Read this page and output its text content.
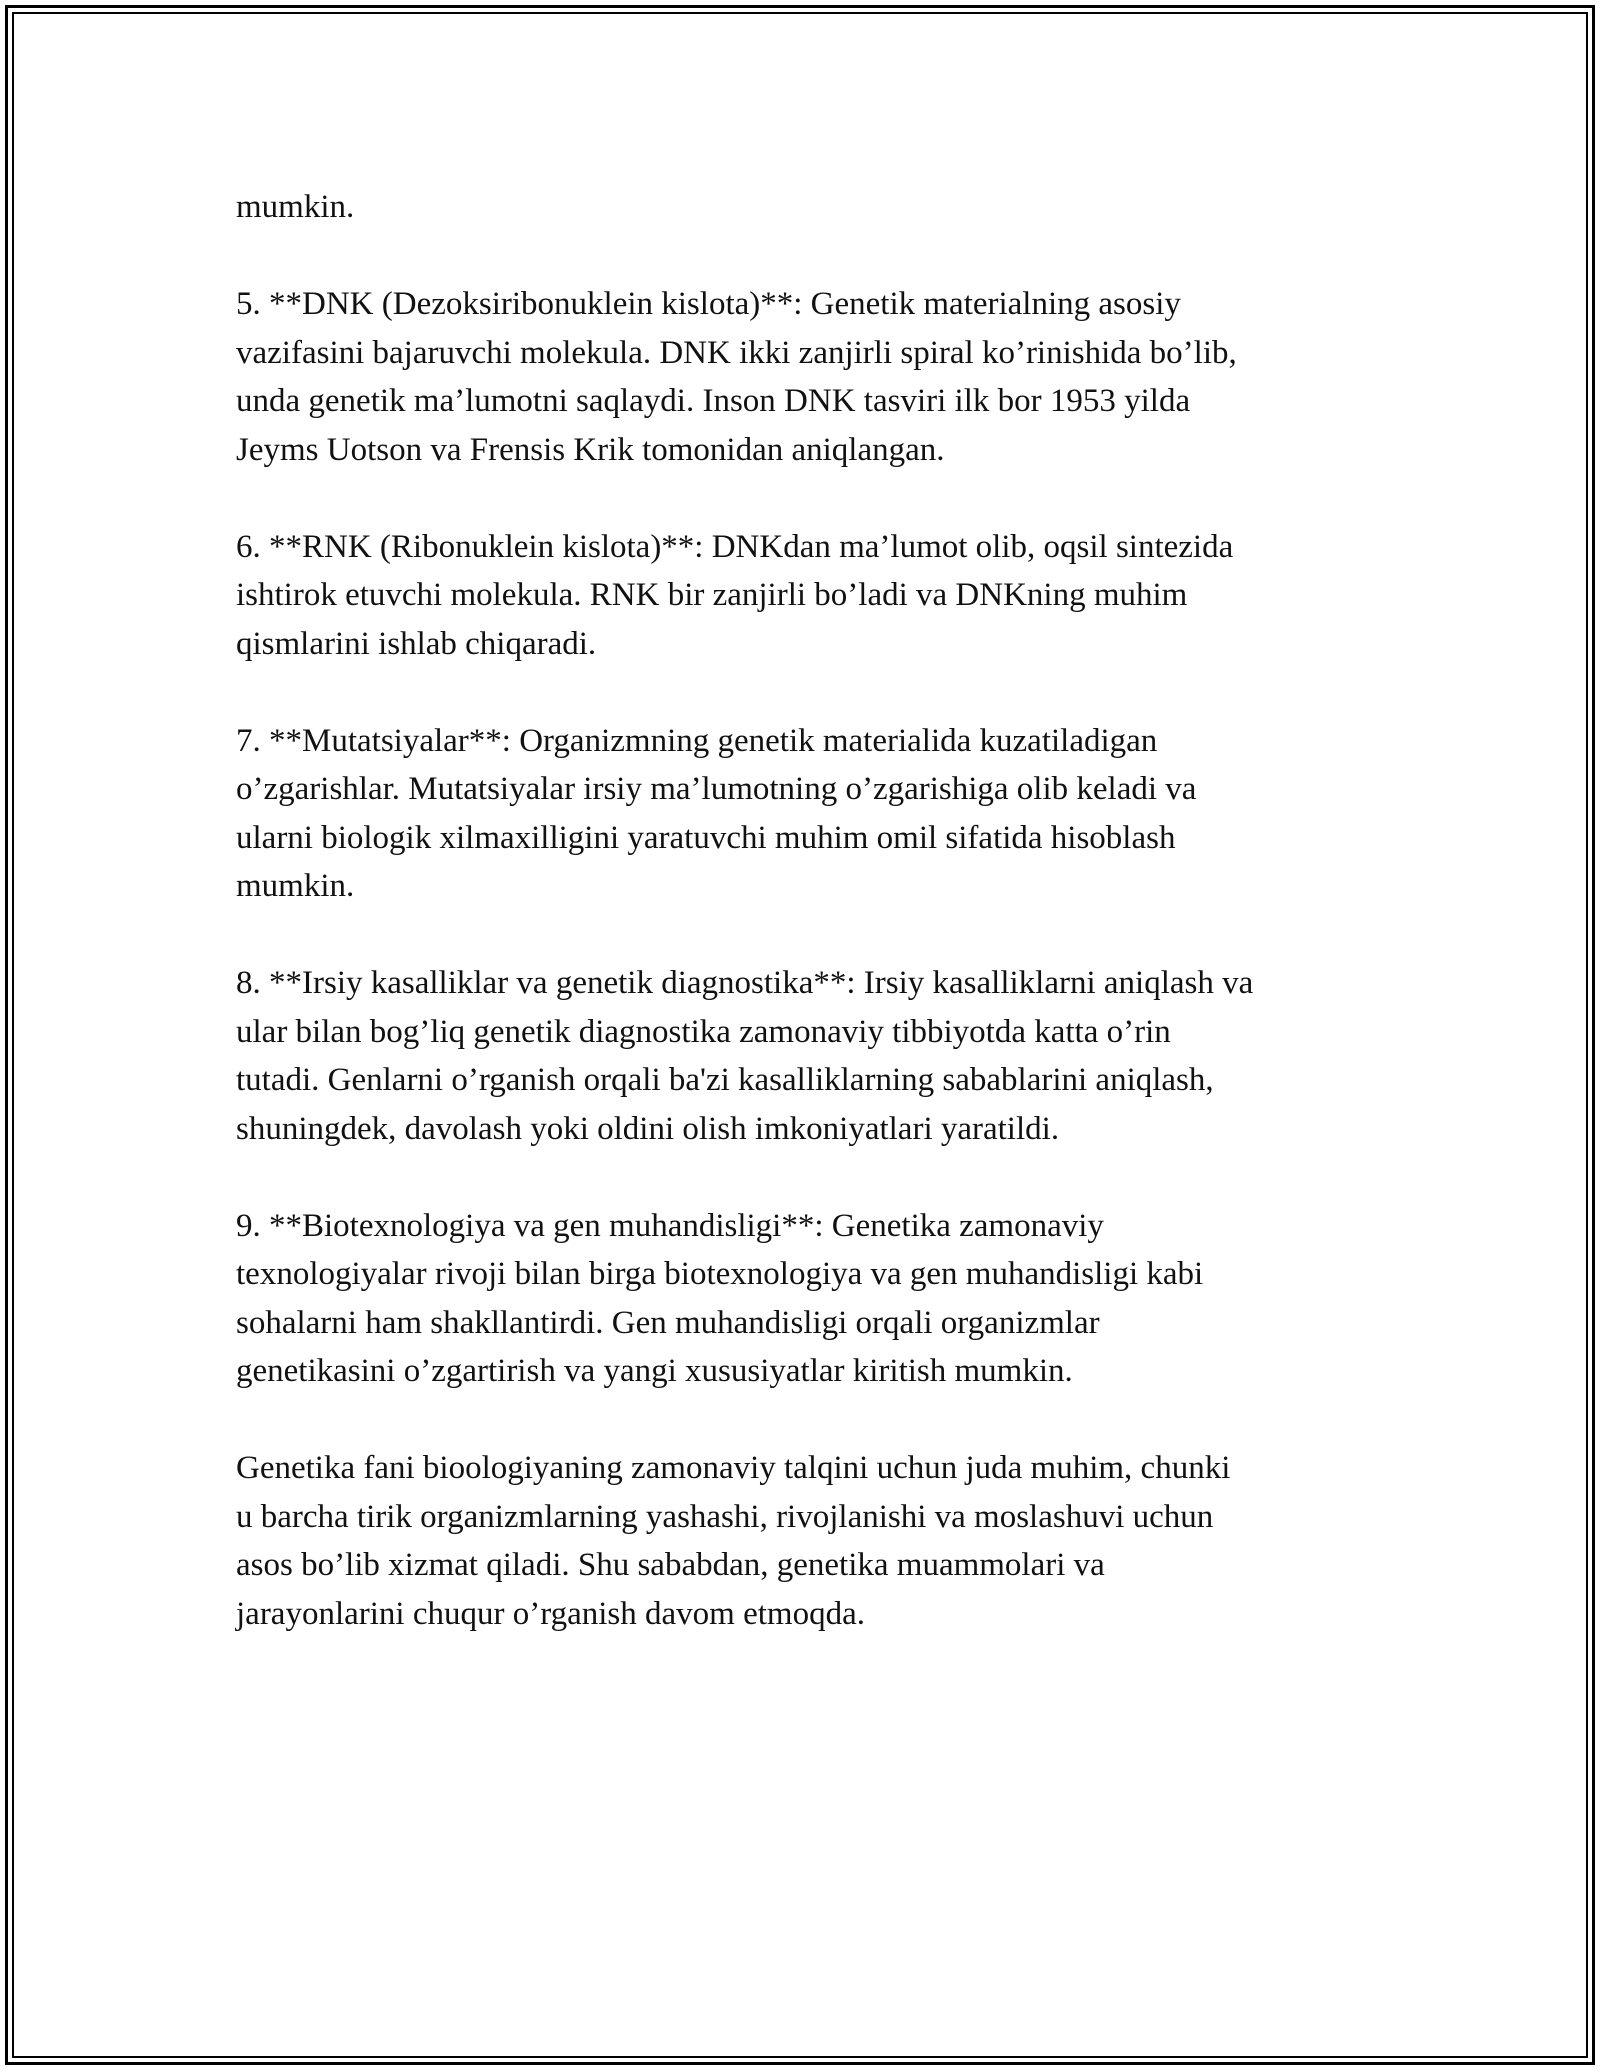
mumkin.

5. **DNK (Dezoksiribonuklein kislota)**: Genetik materialning asosiy
vazifasini bajaruvchi molekula. DNK ikki zanjirli spiral ko’rinishida bo’lib,
unda genetik ma’lumotni saqlaydi. Inson DNK tasviri ilk bor 1953 yilda
Jeyms Uotson va Frensis Krik tomonidan aniqlangan.

6. **RNK (Ribonuklein kislota)**: DNKdan ma’lumot olib, oqsil sintezida
ishtirok etuvchi molekula. RNK bir zanjirli bo’ladi va DNKning muhim
qismlarini ishlab chiqaradi.

7. **Mutatsiyalar**: Organizmning genetik materialida kuzatiladigan
o’zgarishlar. Mutatsiyalar irsiy ma’lumotning o’zgarishiga olib keladi va
ularni biologik xilmaxilligini yaratuvchi muhim omil sifatida hisoblash
mumkin.

8. **Irsiy kasalliklar va genetik diagnostika**: Irsiy kasalliklarni aniqlash va
ular bilan bog’liq genetik diagnostika zamonaviy tibbiyotda katta o’rin
tutadi. Genlarni o’rganish orqali ba'zi kasalliklarning sabablarini aniqlash,
shuningdek, davolash yoki oldini olish imkoniyatlari yaratildi.

9. **Biotexnologiya va gen muhandisligi**: Genetika zamonaviy
texnologiyalar rivoji bilan birga biotexnologiya va gen muhandisligi kabi
sohalarni ham shakllantirdi. Gen muhandisligi orqali organizmlar
genetikasini o’zgartirish va yangi xususiyatlar kiritish mumkin.

Genetika fani bioologiyaning zamonaviy talqini uchun juda muhim, chunki
u barcha tirik organizmlarning yashashi, rivojlanishi va moslashuvi uchun
asos bo’lib xizmat qiladi. Shu sababdan, genetika muammolari va
jarayonlarini chuqur o’rganish davom etmoqda.
